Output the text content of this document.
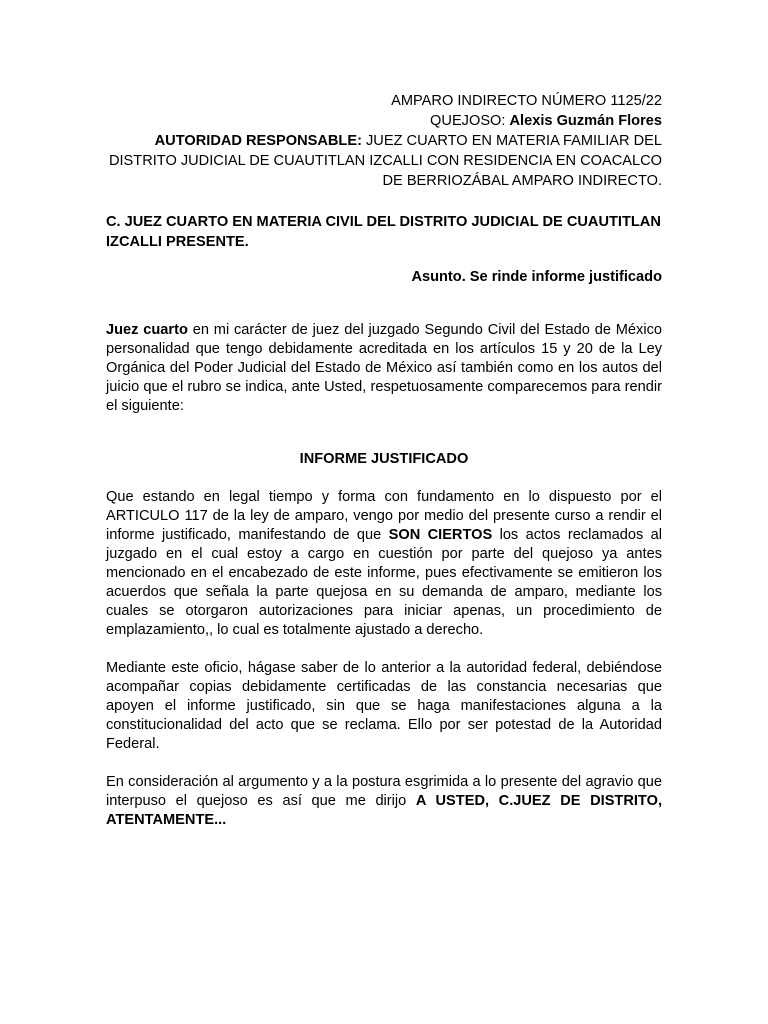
AMPARO INDIRECTO NÚMERO 1125/22

QUEJOSO: Alexis Guzmán Flores

AUTORIDAD RESPONSABLE: JUEZ CUARTO EN MATERIA FAMILIAR DEL DISTRITO JUDICIAL DE CUAUTITLAN IZCALLI CON RESIDENCIA EN COACALCO DE BERRIOZÁBAL AMPARO INDIRECTO.

C. JUEZ CUARTO EN MATERIA CIVIL DEL DISTRITO JUDICIAL DE CUAUTITLAN IZCALLI PRESENTE.
Asunto. Se rinde informe justificado

Juez cuarto en mi carácter de juez del juzgado Segundo Civil del Estado de México personalidad que tengo debidamente acreditada en los artículos 15 y 20 de la Ley Orgánica del Poder Judicial del Estado de México así también como en los autos del juicio que el rubro se indica, ante Usted, respetuosamente comparecemos para rendir el siguiente:

INFORME JUSTIFICADO

Que estando en legal tiempo y forma con fundamento en lo dispuesto por el ARTICULO 117 de la ley de amparo, vengo por medio del presente curso a rendir el informe justificado, manifestando de que SON CIERTOS los actos reclamados al juzgado en el cual estoy a cargo en cuestión por parte del quejoso ya antes mencionado en el encabezado de este informe, pues efectivamente se emitieron los acuerdos que señala la parte quejosa en su demanda de amparo, mediante los cuales se otorgaron autorizaciones para iniciar apenas, un procedimiento de emplazamiento,, lo cual es totalmente ajustado a derecho.

Mediante este oficio, hágase saber de lo anterior a la autoridad federal, debiéndose acompañar copias debidamente certificadas de las constancia necesarias que apoyen el informe justificado, sin que se haga manifestaciones alguna a la constitucionalidad del acto que se reclama. Ello por ser potestad de la Autoridad Federal.

En consideración al argumento y a la postura esgrimida a lo presente del agravio que interpuso el quejoso es así que me dirijo A USTED, C.JUEZ DE DISTRITO, ATENTAMENTE...
